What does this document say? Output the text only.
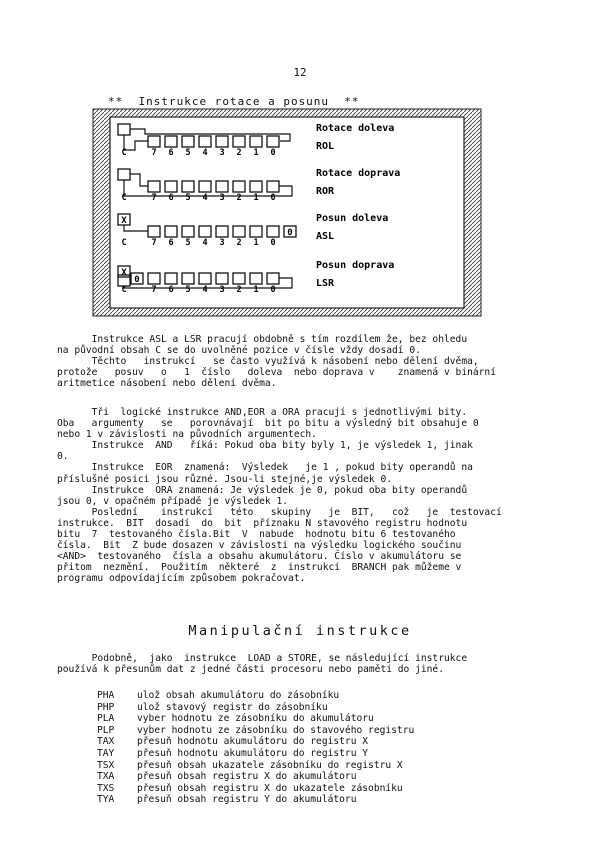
12
**  Instrukce rotace a posunu  **
C	7 6 5 4 3 2 1 0
Rotace doleva
ROL
C	7 6 5 4 3 2 1 0
Rotace doprava
ROR
0
X
C	7 6 5 4 3 2 1 0
Posun doleva
ASL
0
X
C	7 6 5 4 3 2 1 0
Posun doprava
LSR
Instrukce ASL a LSR pracují obdobně s tím rozdílem že, bez ohledu
na původní obsah C se do uvolněné pozice v čísle vždy dosadí 0.
Těchto   instrukcí   se často využívá k násobení nebo dělení dvěma,
protože   posuv   o   1  číslo   doleva  nebo doprava v    znamená v binární
aritmetice násobení nebo dělení dvěma.
Tři  logické instrukce AND,EOR a ORA pracují s jednotlivými bity.
Oba   argumenty   se   porovnávají  bit po bitu a výsledný bit obsahuje 0
nebo 1 v závislosti na původních argumentech.
Instrukce  AND   říká: Pokud oba bity byly 1, je výsledek 1, jinak
0.
Instrukce  EOR  znamená:  Výsledek   je 1 , pokud bity operandů na
příslušné posici jsou různé. Jsou-li stejné,je výsledek 0.
Instrukce  ORA znamená: Je výsledek je 0, pokud oba bity operandů
jsou 0, v opačném případě je výsledek 1.
Poslední    instrukcí   této   skupiny   je  BIT,   což   je  testovací
instrukce.  BIT  dosadí  do  bit  příznaku N stavového registru hodnotu
bitu  7  testovaného čísla.Bit  V  nabude  hodnotu bitu 6 testovaného
čísla.  Bit  Z bude dosazen v závislosti na výsledku logického součinu
<AND>  testovaného  čísla a obsahu akumulátoru. Číslo v akumulátoru se
přitom  nezmění.  Použitím  některé  z  instrukcí  BRANCH pak můžeme v
programu odpovídajícím způsobem pokračovat.
Podobně,  jako  instrukce  LOAD a STORE, se následující instrukce
používá k přesunům dat z jedné části procesoru nebo paměti do jiné.
Manipulační instrukce
PHA ulož obsah akumulátoru do zásobníku
PHP ulož stavový registr do zásobníku
PLA vyber hodnotu ze zásobníku do akumulátoru
PLP vyber hodnotu ze zásobníku do stavového registru
TAX přesuň hodnotu akumulátoru do registru X
TAY přesuň hodnotu akumulátoru do registru Y
TSX přesuň obsah ukazatele zásobníku do registru X
TXA přesuň obsah registru X do akumulátoru
TXS přesuň obsah registru X do ukazatele zásobníku
TYA přesuň obsah registru Y do akumulátoru
